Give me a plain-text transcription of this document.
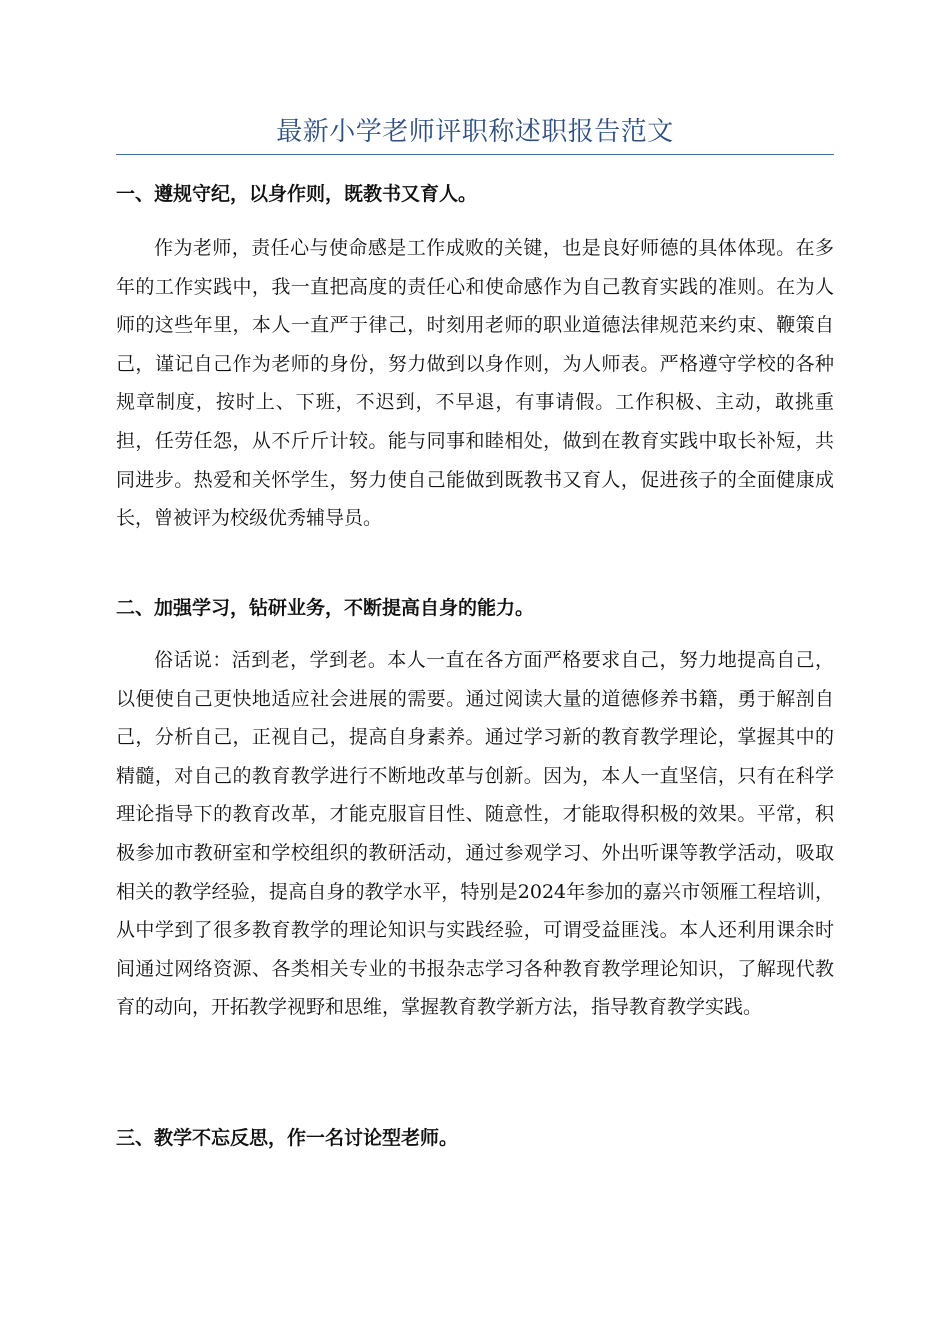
最新小学老师评职称述职报告范文
一、遵规守纪，以身作则，既教书又育人。
作为老师，责任心与使命感是工作成败的关键，也是良好师德的具体体现。在多年的工作实践中，我一直把高度的责任心和使命感作为自己教育实践的准则。在为人师的这些年里，本人一直严于律己，时刻用老师的职业道德法律规范来约束、鞭策自己，谨记自己作为老师的身份，努力做到以身作则，为人师表。严格遵守学校的各种规章制度，按时上、下班，不迟到，不早退，有事请假。工作积极、主动，敢挑重担，任劳任怨，从不斤斤计较。能与同事和睦相处，做到在教育实践中取长补短，共同进步。热爱和关怀学生，努力使自己能做到既教书又育人，促进孩子的全面健康成长，曾被评为校级优秀辅导员。
二、加强学习，钻研业务，不断提高自身的能力。
俗话说：活到老，学到老。本人一直在各方面严格要求自己，努力地提高自己，以便使自己更快地适应社会进展的需要。通过阅读大量的道德修养书籍，勇于解剖自己，分析自己，正视自己，提高自身素养。通过学习新的教育教学理论，掌握其中的精髓，对自己的教育教学进行不断地改革与创新。因为，本人一直坚信，只有在科学理论指导下的教育改革，才能克服盲目性、随意性，才能取得积极的效果。平常，积极参加市教研室和学校组织的教研活动，通过参观学习、外出听课等教学活动，吸取相关的教学经验，提高自身的教学水平，特别是2024年参加的嘉兴市领雁工程培训，从中学到了很多教育教学的理论知识与实践经验，可谓受益匪浅。本人还利用课余时间通过网络资源、各类相关专业的书报杂志学习各种教育教学理论知识，了解现代教育的动向，开拓教学视野和思维，掌握教育教学新方法，指导教育教学实践。
三、教学不忘反思，作一名讨论型老师。
